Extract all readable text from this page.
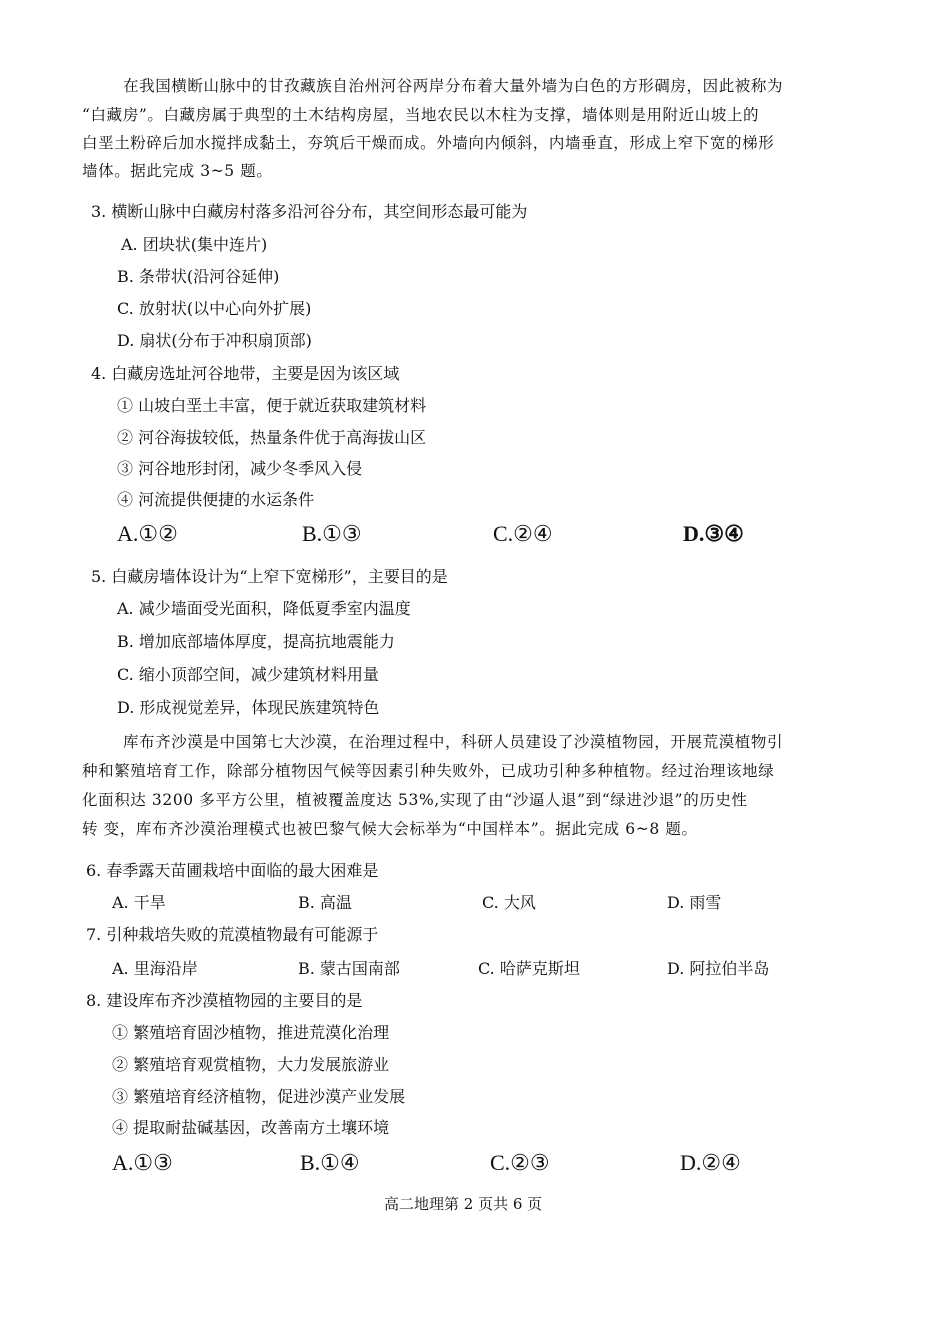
在我国横断山脉中的甘孜藏族自治州河谷两岸分布着大量外墙为白色的方形碉房，因此被称为
“白藏房”。白藏房属于典型的土木结构房屋，当地农民以木柱为支撑，墙体则是用附近山坡上的
白垩土粉碎后加水搅拌成黏土，夯筑后干燥而成。外墙向内倾斜，内墙垂直，形成上窄下宽的梯形
墙体。据此完成 3~5 题。
3. 横断山脉中白藏房村落多沿河谷分布，其空间形态最可能为
A. 团块状(集中连片)
B. 条带状(沿河谷延伸)
C. 放射状(以中心向外扩展)
D. 扇状(分布于冲积扇顶部)
4. 白藏房选址河谷地带，主要是因为该区域
① 山坡白垩土丰富，便于就近获取建筑材料
② 河谷海拔较低，热量条件优于高海拔山区
③ 河谷地形封闭，减少冬季风入侵
④ 河流提供便捷的水运条件
A.①②	B.①③	C.②④	D.③④
5. 白藏房墙体设计为“上窄下宽梯形”，主要目的是
A. 减少墙面受光面积，降低夏季室内温度
B. 增加底部墙体厚度，提高抗地震能力
C. 缩小顶部空间，减少建筑材料用量
D. 形成视觉差异，体现民族建筑特色
库布齐沙漠是中国第七大沙漠，在治理过程中，科研人员建设了沙漠植物园，开展荒漠植物引
种和繁殖培育工作，除部分植物因气候等因素引种失败外，已成功引种多种植物。经过治理该地绿
化面积达 3200 多平方公里，植被覆盖度达 53%,实现了由“沙逼人退”到“绿进沙退”的历史性
转 变，库布齐沙漠治理模式也被巴黎气候大会标举为“中国样本”。据此完成 6~8 题。
6. 春季露天苗圃栽培中面临的最大困难是
A. 干旱	B. 高温	C. 大风	D. 雨雪
7. 引种栽培失败的荒漠植物最有可能源于
A. 里海沿岸	B. 蒙古国南部	C. 哈萨克斯坦	D. 阿拉伯半岛
8. 建设库布齐沙漠植物园的主要目的是
① 繁殖培育固沙植物，推进荒漠化治理
② 繁殖培育观赏植物，大力发展旅游业
③ 繁殖培育经济植物，促进沙漠产业发展
④ 提取耐盐碱基因，改善南方土壤环境
A.①③	B.①④	C.②③	D.②④
高二地理第 2 页共 6 页
